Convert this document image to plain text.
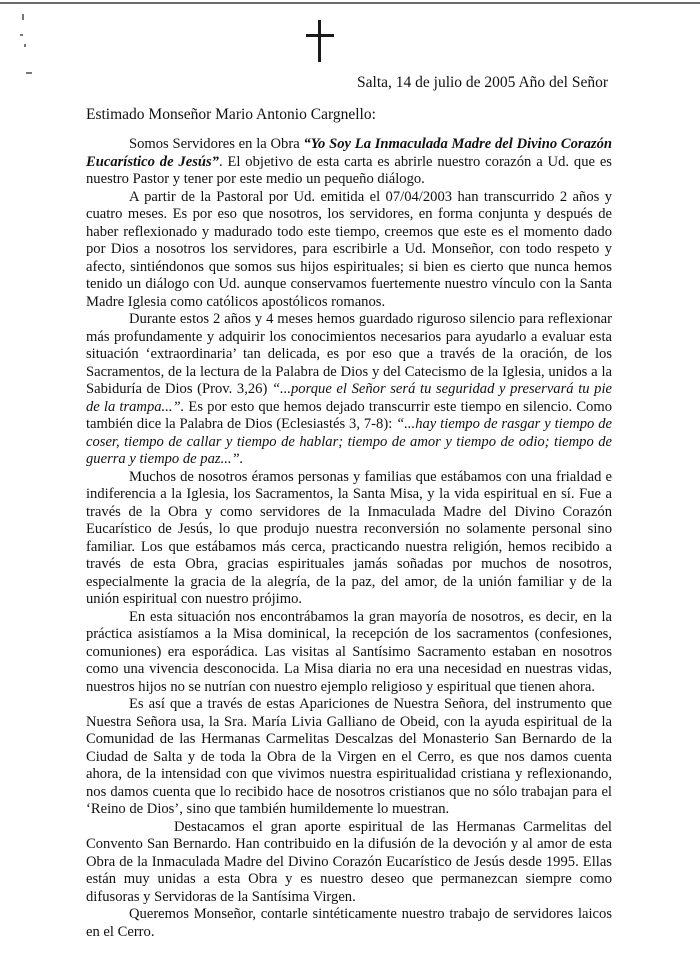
Salta, 14 de julio de 2005 Año del Señor
Estimado Monseñor Mario Antonio Cargnello:

Somos Servidores en la Obra “Yo Soy La Inmaculada Madre del Divino Corazón Eucarístico de Jesús”. El objetivo de esta carta es abrirle nuestro corazón a Ud. que es nuestro Pastor y tener por este medio un pequeño diálogo.

A partir de la Pastoral por Ud. emitida el 07/04/2003 han transcurrido 2 años y cuatro meses. Es por eso que nosotros, los servidores, en forma conjunta y después de haber reflexionado y madurado todo este tiempo, creemos que este es el momento dado por Dios a nosotros los servidores, para escribirle a Ud. Monseñor, con todo respeto y afecto, sintiéndonos que somos sus hijos espirituales; si bien es cierto que nunca hemos tenido un diálogo con Ud. aunque conservamos fuertemente nuestro vínculo con la Santa Madre Iglesia como católicos apostólicos romanos.

Durante estos 2 años y 4 meses hemos guardado riguroso silencio para reflexionar más profundamente y adquirir los conocimientos necesarios para ayudarlo a evaluar esta situación ‘extraordinaria’ tan delicada, es por eso que a través de la oración, de los Sacramentos, de la lectura de la Palabra de Dios y del Catecismo de la Iglesia, unidos a la Sabiduría de Dios (Prov. 3,26) “...porque el Señor será tu seguridad y preservará tu pie de la trampa...”. Es por esto que hemos dejado transcurrir este tiempo en silencio. Como también dice la Palabra de Dios (Eclesiastés 3, 7-8): “...hay tiempo de rasgar y tiempo de coser, tiempo de callar y tiempo de hablar; tiempo de amor y tiempo de odio; tiempo de guerra y tiempo de paz...”.

Muchos de nosotros éramos personas y familias que estábamos con una frialdad e indiferencia a la Iglesia, los Sacramentos, la Santa Misa, y la vida espiritual en sí. Fue a través de la Obra y como servidores de la Inmaculada Madre del Divino Corazón Eucarístico de Jesús, lo que produjo nuestra reconversión no solamente personal sino familiar. Los que estábamos más cerca, practicando nuestra religión, hemos recibido a través de esta Obra, gracias espirituales jamás soñadas por muchos de nosotros, especialmente la gracia de la alegría, de la paz, del amor, de la unión familiar y de la unión espiritual con nuestro prójimo.

En esta situación nos encontrábamos la gran mayoría de nosotros, es decir, en la práctica asistíamos a la Misa dominical, la recepción de los sacramentos (confesiones, comuniones) era esporádica. Las visitas al Santísimo Sacramento estaban en nosotros como una vivencia desconocida. La Misa diaria no era una necesidad en nuestras vidas, nuestros hijos no se nutrían con nuestro ejemplo religioso y espiritual que tienen ahora.

Es así que a través de estas Apariciones de Nuestra Señora, del instrumento que Nuestra Señora usa, la Sra. María Livia Galliano de Obeid, con la ayuda espiritual de la Comunidad de las Hermanas Carmelitas Descalzas del Monasterio San Bernardo de la Ciudad de Salta y de toda la Obra de la Virgen en el Cerro, es que nos damos cuenta ahora, de la intensidad con que vivimos nuestra espiritualidad cristiana y reflexionando, nos damos cuenta que lo recibido hace de nosotros cristianos que no sólo trabajan para el ‘Reino de Dios’, sino que también humildemente lo muestran.

Destacamos el gran aporte espiritual de las Hermanas Carmelitas del Convento San Bernardo. Han contribuido en la difusión de la devoción y al amor de esta Obra de la Inmaculada Madre del Divino Corazón Eucarístico de Jesús desde 1995. Ellas están muy unidas a esta Obra y es nuestro deseo que permanezcan siempre como difusoras y Servidoras de la Santísima Virgen.

Queremos Monseñor, contarle sintéticamente nuestro trabajo de servidores laicos en el Cerro.
